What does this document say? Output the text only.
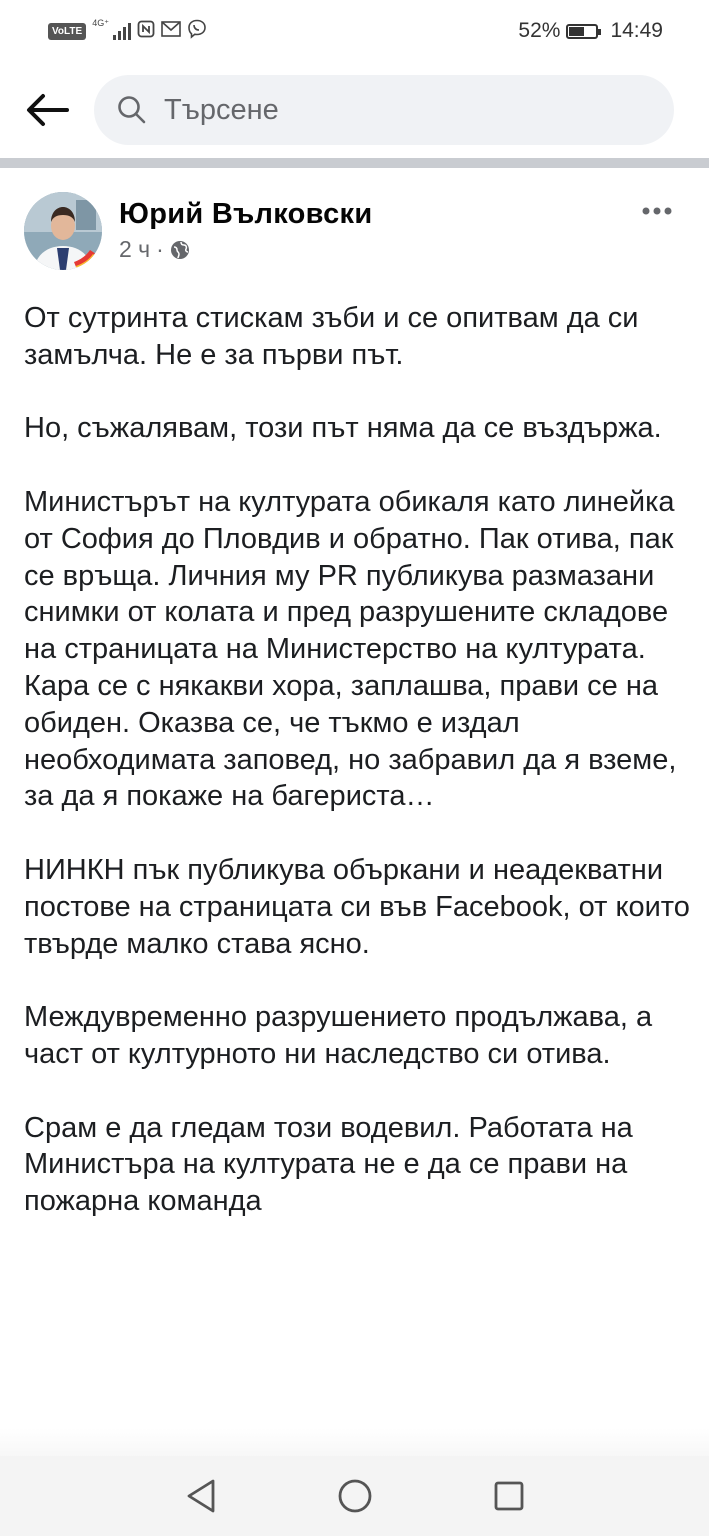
VoLTE
4G⁺	52% 14:49
Търсене
Юрий Вълковски
2 ч ·

От сутринта стискам зъби и се опитвам да си замълча. Не е за първи път.

Но, съжалявам, този път няма да се въздържа.

Министърът на културата обикаля като линейка от София до Пловдив и обратно. Пак отива, пак се връща. Личния му PR публикува размазани снимки от колата и пред разрушените складове на страницата на Министерство на културата. Кара се с някакви хора, заплашва, прави се на обиден. Оказва се, че тъкмо е издал необходимата заповед, но забравил да я вземе, за да я покаже на багериста…

НИНКН пък публикува объркани и неадекватни постове на страницата си във Facebook, от които твърде малко става ясно.

Междувременно разрушението продължава, а част от културното ни наследство си отива.

Срам е да гледам този водевил. Работата на Министъра на културата не е да се прави на пожарна команда
